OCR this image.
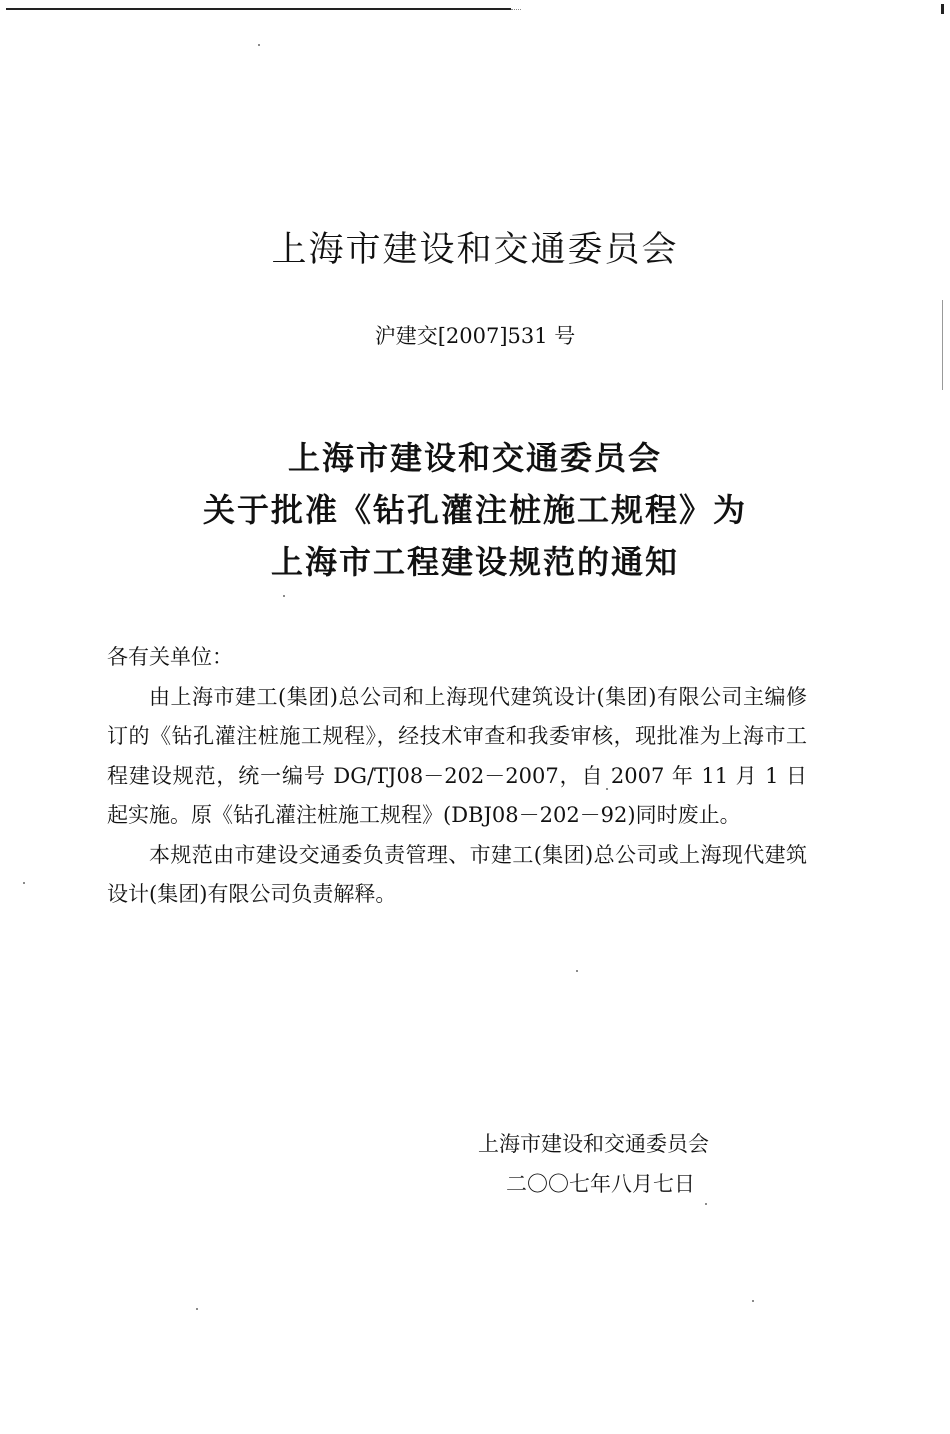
上海市建设和交通委员会
沪建交[2007]531 号
上海市建设和交通委员会
关于批准《钻孔灌注桩施工规程》为
上海市工程建设规范的通知

各有关单位：

由上海市建工(集团)总公司和上海现代建筑设计(集团)有限公司主编修订的《钻孔灌注桩施工规程》，经技术审查和我委审核，现批准为上海市工程建设规范，统一编号 DG/TJ08－202－2007，自 2007 年 11 月 1 日起实施。原《钻孔灌注桩施工规程》(DBJ08－202－92)同时废止。

本规范由市建设交通委负责管理、市建工(集团)总公司或上海现代建筑设计(集团)有限公司负责解释。

上海市建设和交通委员会
二〇〇七年八月七日
